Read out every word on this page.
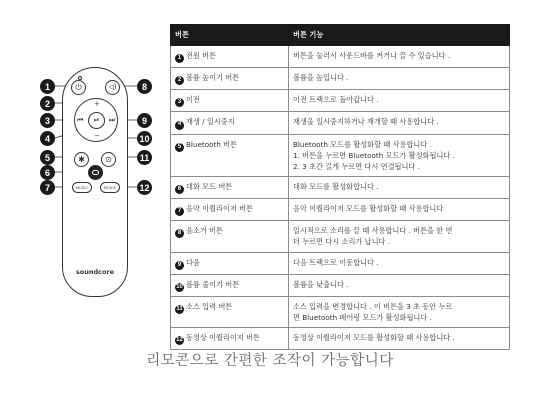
⏻	◁)
+
−
⏮	⏭
⏯
✱	⊙
MUSIC	MOVIE
soundcore
1
2
3
4
5
6
7
8
9
10
11
12
버튼	버튼 기능
1 전원 버튼	버튼을 눌러서 사운드바를 켜거나 끌 수 있습니다 .

2 볼륨 높이기 버튼	볼륨을 높입니다 .

3 이전	이전 트랙으로 돌아갑니다 .

4 재생 / 일시중지	재생을 일시중지하거나 재개할 때 사용합니다 .

5 Bluetooth 버튼	Bluetooth 모드를 활성화할 때 사용합니다 .
1. 버튼을 누르면 Bluetooth 모드가 활성화됩니다 .
2. 3 초간 길게 누르면 다시 연결됩니다 .

6 대화 모드 버튼	대화 모드를 활성화합니다 .

7 음악 이퀄라이저 버튼	음악 이퀄라이저 모드를 활성화할 때 사용합니다

8 음소거 버튼	일시적으로 소리를 끌 때 사용합니다 . 버튼을 한 번
더 누르면 다시 소리가 납니다 .

9 다음	다음 트랙으로 이동합니다 .

10 볼륨 줄이기 버튼	볼륨을 낮춥니다 .

11 소스 입력 버튼	소스 입력을 변경합니다 . 이 버튼을 3 초 동안 누르
면 Bluetooth 페어링 모드가 활성화됩니다 .

12 동영상 이퀄라이저 버튼	동영상 이퀄라이저 모드를 활성화할 때 사용합니다 .
리모콘으로 간편한 조작이 가능합니다
